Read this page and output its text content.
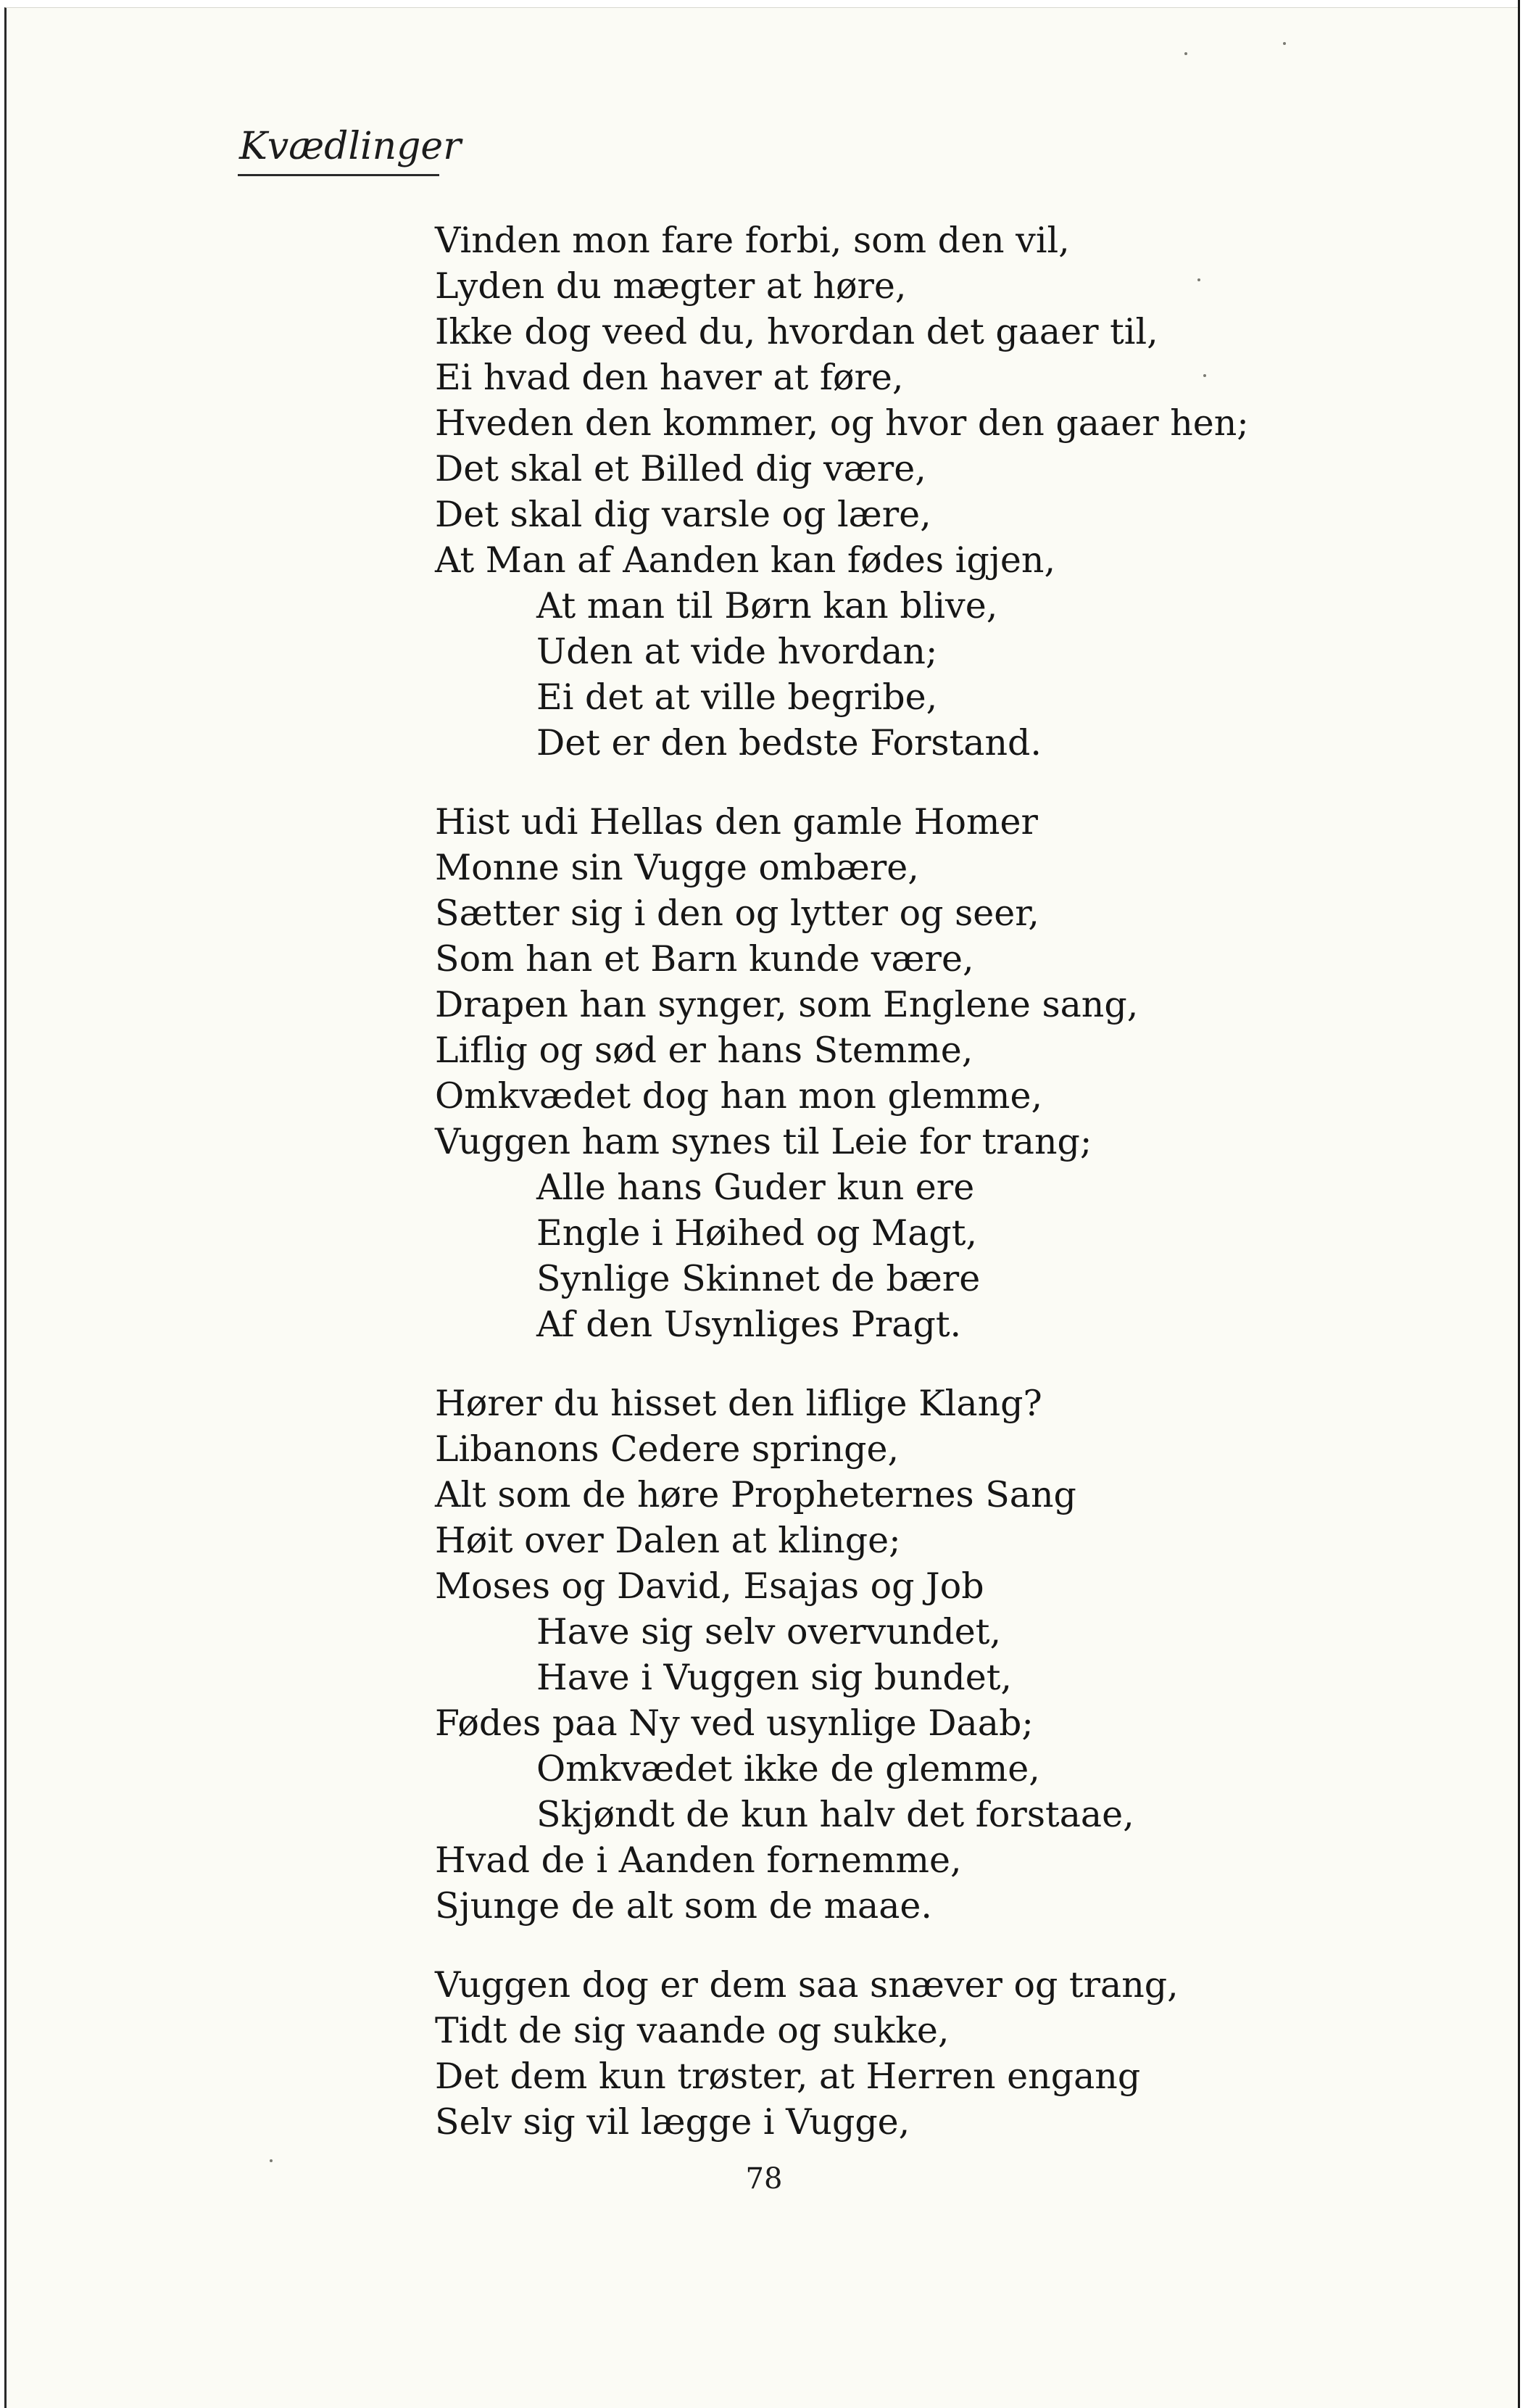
Kvædlinger
Vinden mon fare forbi, som den vil,
Lyden du mægter at høre,
Ikke dog veed du, hvordan det gaaer til,
Ei hvad den haver at føre,
Hveden den kommer, og hvor den gaaer hen;
Det skal et Billed dig være,
Det skal dig varsle og lære,
At Man af Aanden kan fødes igjen,
At man til Børn kan blive,
Uden at vide hvordan;
Ei det at ville begribe,
Det er den bedste Forstand.
Hist udi Hellas den gamle Homer
Monne sin Vugge ombære,
Sætter sig i den og lytter og seer,
Som han et Barn kunde være,
Drapen han synger, som Englene sang,
Liflig og sød er hans Stemme,
Omkvædet dog han mon glemme,
Vuggen ham synes til Leie for trang;
Alle hans Guder kun ere
Engle i Høihed og Magt,
Synlige Skinnet de bære
Af den Usynliges Pragt.
Hører du hisset den liflige Klang?
Libanons Cedere springe,
Alt som de høre Propheternes Sang
Høit over Dalen at klinge;
Moses og David, Esajas og Job
Have sig selv overvundet,
Have i Vuggen sig bundet,
Fødes paa Ny ved usynlige Daab;
Omkvædet ikke de glemme,
Skjøndt de kun halv det forstaae,
Hvad de i Aanden fornemme,
Sjunge de alt som de maae.
Vuggen dog er dem saa snæver og trang,
Tidt de sig vaande og sukke,
Det dem kun trøster, at Herren engang
Selv sig vil lægge i Vugge,
78
